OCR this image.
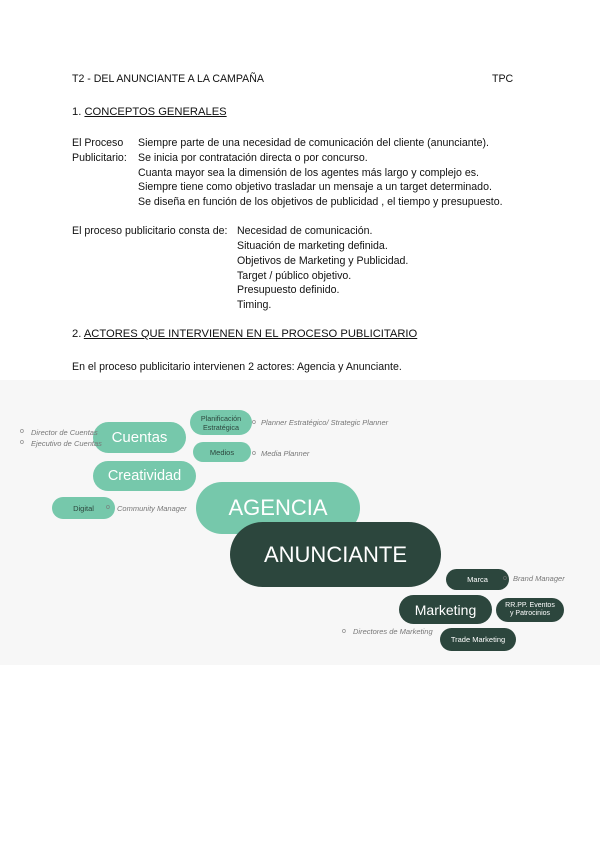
T2 - DEL ANUNCIANTE A LA CAMPAÑA	TPC
1. CONCEPTOS GENERALES
El Proceso
Publicitario:
Siempre parte de una necesidad de comunicación del cliente (anunciante).
Se inicia por contratación directa o por concurso.
Cuanta mayor sea la dimensión de los agentes más largo y complejo es.
Siempre tiene como objetivo trasladar un mensaje a un target determinado.
Se diseña en función de los objetivos de publicidad , el tiempo y presupuesto.
El proceso publicitario consta de: Necesidad de comunicación.
Situación de marketing definida.
Objetivos de Marketing y Publicidad.
Target / público objetivo.
Presupuesto definido.
Timing.
2. ACTORES QUE INTERVIENEN EN EL PROCESO PUBLICITARIO
En el proceso publicitario intervienen 2 actores: Agencia y Anunciante.
Cuentas
Creatividad
Planificación
Estratégica
Medios
Digital	AGENCIA
ANUNCIANTE
Marca
Marketing	RR.PP. Eventos
y Patrocinios
Trade Marketing
o Director de Cuentas
o Ejecutivo de Cuentas
o Planner Estratégico/ Strategic Planner
o Media Planner
o Community Manager
o Brand Manager
o Directores de Marketing
